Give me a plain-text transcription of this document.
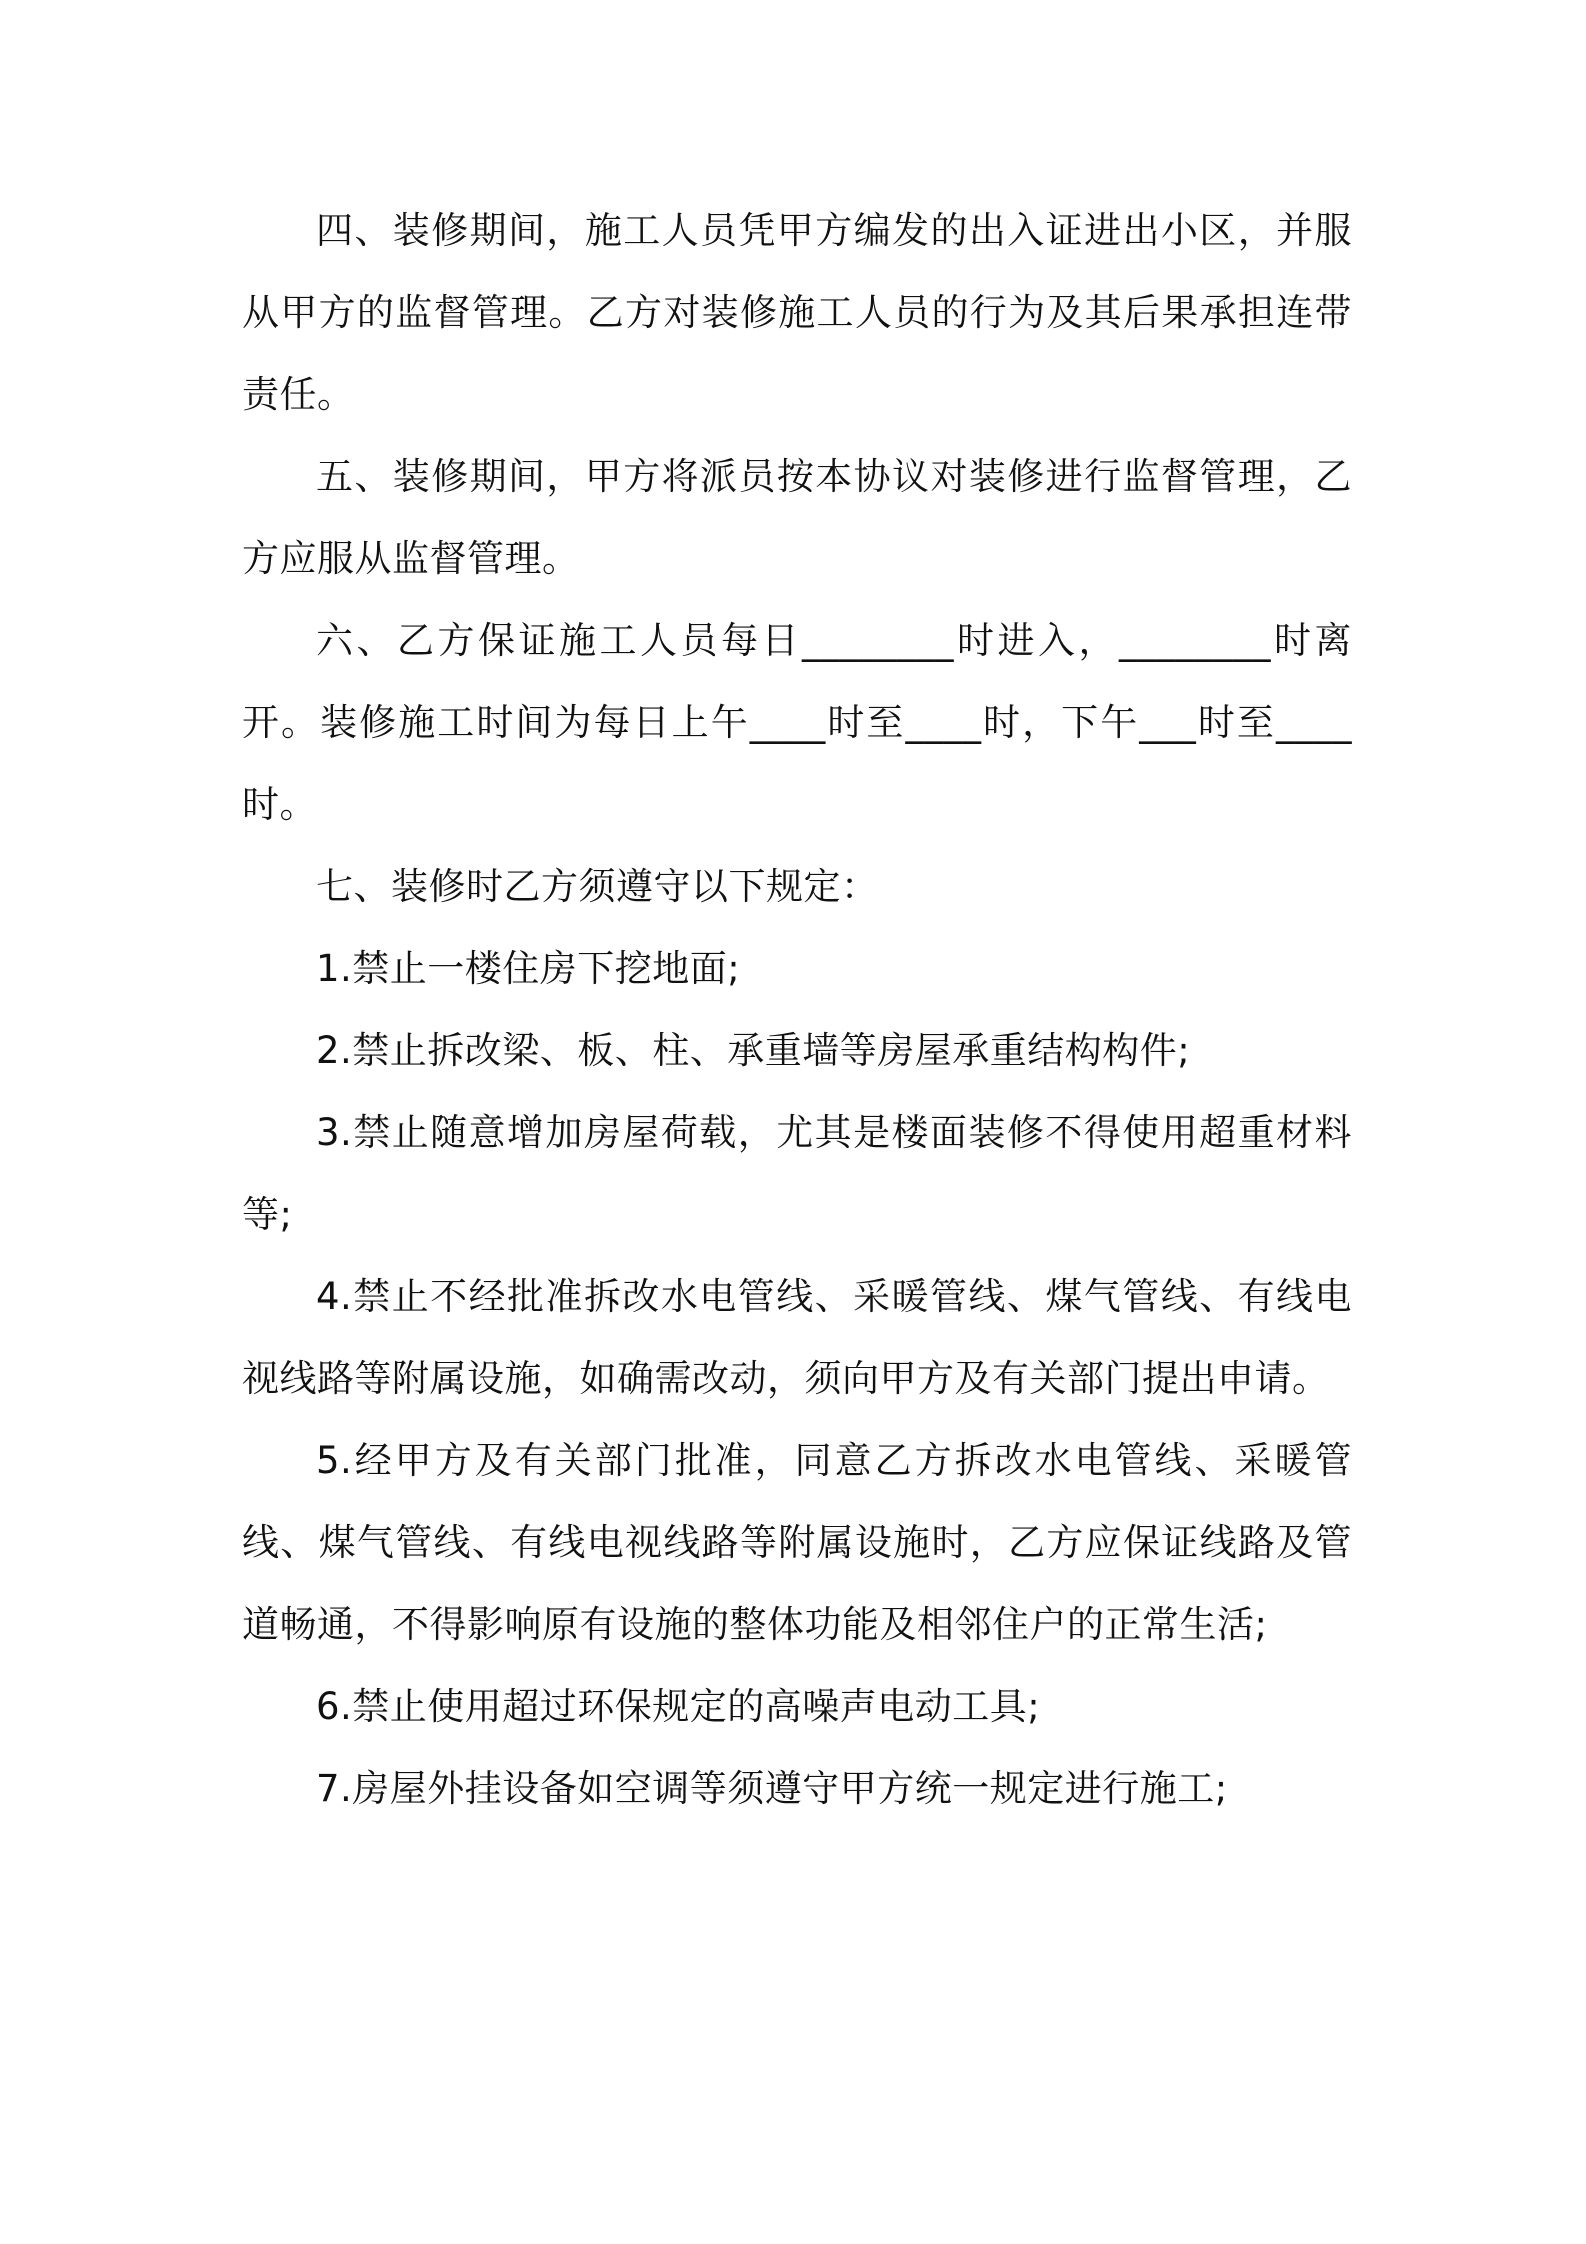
四、装修期间，施工人员凭甲方编发的出入证进出小区，并服从甲方的监督管理。乙方对装修施工人员的行为及其后果承担连带责任。

五、装修期间，甲方将派员按本协议对装修进行监督管理，乙方应服从监督管理。

六、乙方保证施工人员每日________时进入，________时离开。装修施工时间为每日上午____时至____时，下午___时至____时。

七、装修时乙方须遵守以下规定：

1.禁止一楼住房下挖地面;

2.禁止拆改梁、板、柱、承重墙等房屋承重结构构件;

3.禁止随意增加房屋荷载，尤其是楼面装修不得使用超重材料等;

4.禁止不经批准拆改水电管线、采暖管线、煤气管线、有线电视线路等附属设施，如确需改动，须向甲方及有关部门提出申请。

5.经甲方及有关部门批准，同意乙方拆改水电管线、采暖管线、煤气管线、有线电视线路等附属设施时，乙方应保证线路及管道畅通，不得影响原有设施的整体功能及相邻住户的正常生活;

6.禁止使用超过环保规定的高噪声电动工具;

7.房屋外挂设备如空调等须遵守甲方统一规定进行施工;
